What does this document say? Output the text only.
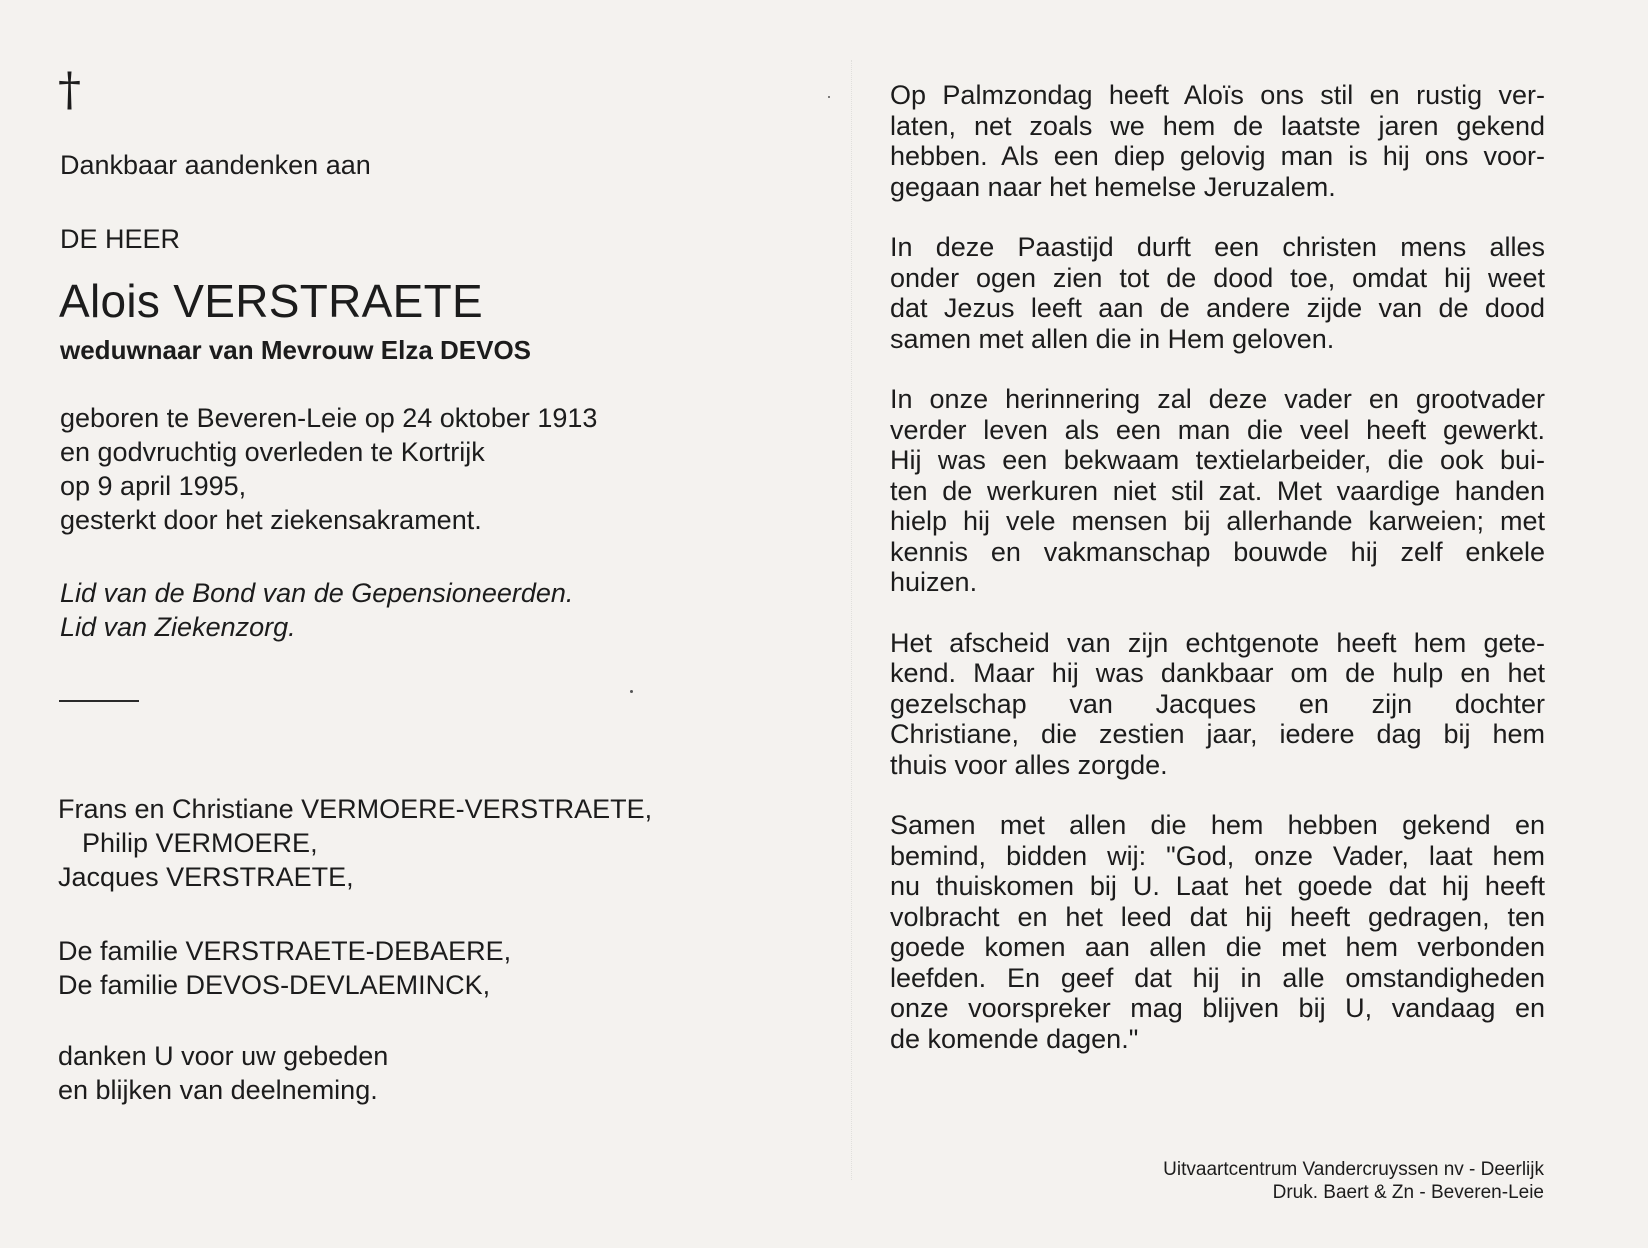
†
Dankbaar aandenken aan
DE HEER
Alois VERSTRAETE
weduwnaar van Mevrouw Elza DEVOS
geboren te Beveren-Leie op 24 oktober 1913
en godvruchtig overleden te Kortrijk
op 9 april 1995,
gesterkt door het ziekensakrament.
Lid van de Bond van de Gepensioneerden.
Lid van Ziekenzorg.
Frans en Christiane VERMOERE-VERSTRAETE,
Philip VERMOERE,
Jacques VERSTRAETE,
De familie VERSTRAETE-DEBAERE,
De familie DEVOS-DEVLAEMINCK,
danken U voor uw gebeden
en blijken van deelneming.
Op Palmzondag heeft Aloïs ons stil en rustig ver-
laten, net zoals we hem de laatste jaren gekend
hebben. Als een diep gelovig man is hij ons voor-
gegaan naar het hemelse Jeruzalem.
In deze Paastijd durft een christen mens alles
onder ogen zien tot de dood toe, omdat hij weet
dat Jezus leeft aan de andere zijde van de dood
samen met allen die in Hem geloven.
In onze herinnering zal deze vader en grootvader
verder leven als een man die veel heeft gewerkt.
Hij was een bekwaam textielarbeider, die ook bui-
ten de werkuren niet stil zat. Met vaardige handen
hielp hij vele mensen bij allerhande karweien; met
kennis en vakmanschap bouwde hij zelf enkele
huizen.
Het afscheid van zijn echtgenote heeft hem gete-
kend. Maar hij was dankbaar om de hulp en het
gezelschap van Jacques en zijn dochter
Christiane, die zestien jaar, iedere dag bij hem
thuis voor alles zorgde.
Samen met allen die hem hebben gekend en
bemind, bidden wij: "God, onze Vader, laat hem
nu thuiskomen bij U. Laat het goede dat hij heeft
volbracht en het leed dat hij heeft gedragen, ten
goede komen aan allen die met hem verbonden
leefden. En geef dat hij in alle omstandigheden
onze voorspreker mag blijven bij U, vandaag en
de komende dagen."
Uitvaartcentrum Vandercruyssen nv - Deerlijk
Druk. Baert & Zn - Beveren-Leie
